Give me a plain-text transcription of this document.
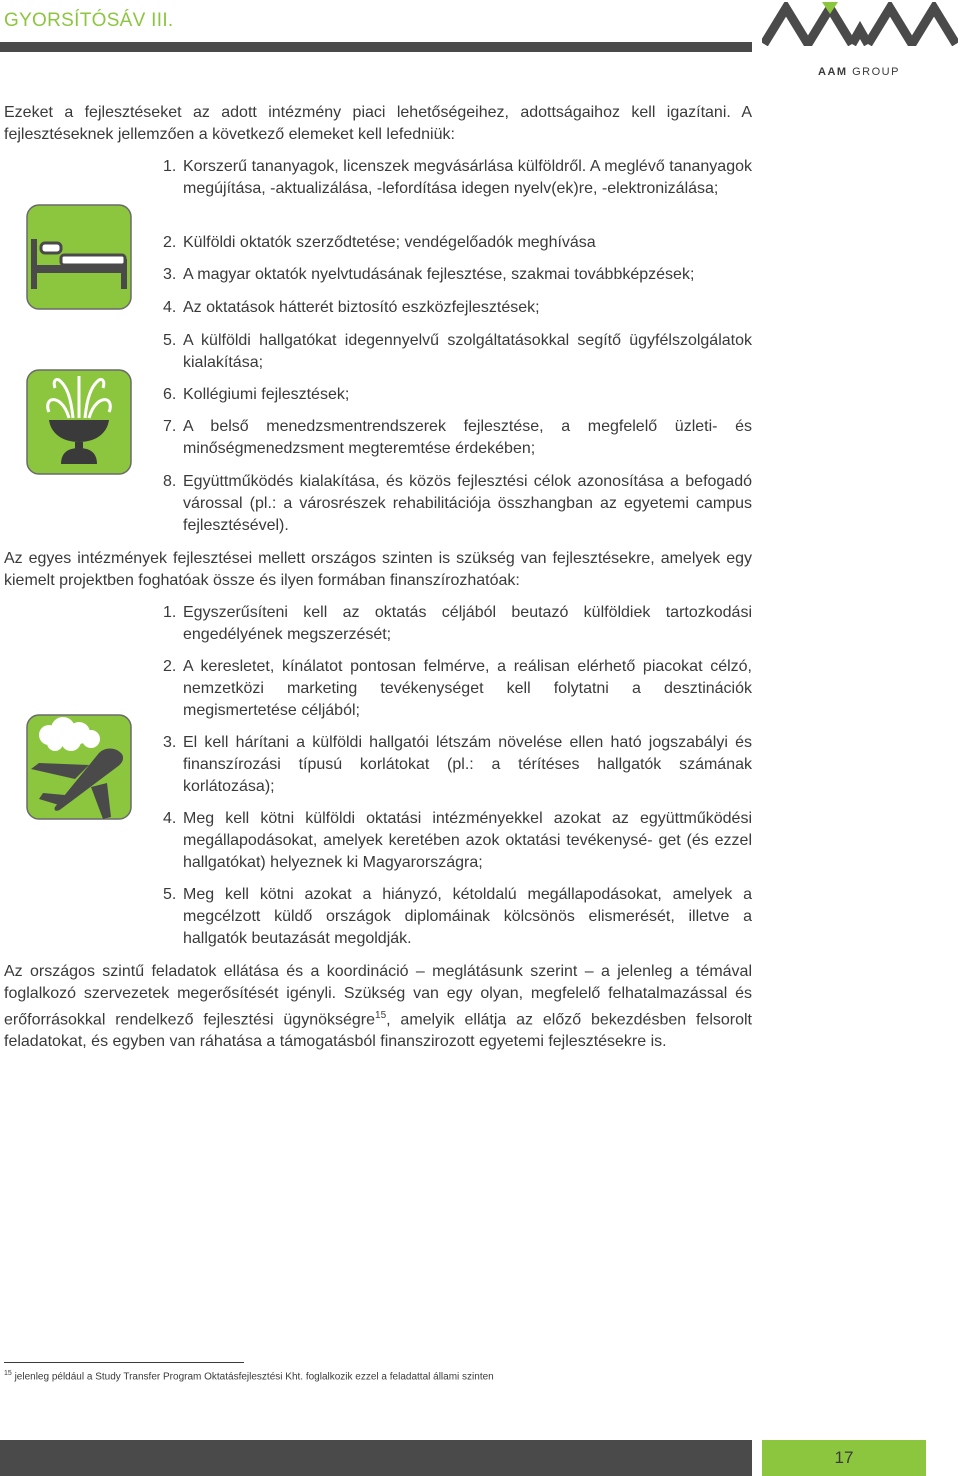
GYORSÍTÓSÁV III.
AAM GROUP
Ezeket a fejlesztéseket az adott intézmény piaci lehetőségeihez, adottságaihoz kell igazítani. A fejlesztéseknek jellemzően a következő elemeket kell lefedniük:
1. Korszerű tananyagok, licenszek megvásárlása külföldről. A meglévő tananyagok megújítása, -aktualizálása, -lefordítása idegen nyelv(ek)re, -elektronizálása;
2. Külföldi oktatók szerződtetése; vendégelőadók meghívása
3. A magyar oktatók nyelvtudásának fejlesztése, szakmai továbbképzések;
4. Az oktatások hátterét biztosító eszközfejlesztések;
5. A külföldi hallgatókat idegennyelvű szolgáltatásokkal segítő ügyfélszolgálatok kialakítása;
6. Kollégiumi fejlesztések;
7. A belső menedzsmentrendszerek fejlesztése, a megfelelő üzleti- és minőségmenedzsment megteremtése érdekében;
8. Együttműködés kialakítása, és közös fejlesztési célok azonosítása a befogadó várossal (pl.: a városrészek rehabilitációja összhangban az egyetemi campus fejlesztésével).
Az egyes intézmények fejlesztései mellett országos szinten is szükség van fejlesztésekre, amelyek egy kiemelt projektben foghatóak össze és ilyen formában finanszírozhatóak:
1. Egyszerűsíteni kell az oktatás céljából beutazó külföldiek tartozkodási engedélyének megszerzését;
2. A keresletet, kínálatot pontosan felmérve, a reálisan elérhető piacokat célzó, nemzetközi marketing tevékenységet kell folytatni a desztinációk megismertetése céljából;
3. El kell hárítani a külföldi hallgatói létszám növelése ellen ható jogszabályi és finanszírozási típusú korlátokat (pl.: a térítéses hallgatók számának korlátozása);
4. Meg kell kötni külföldi oktatási intézményekkel azokat az együttműködési megállapodásokat, amelyek keretében azok oktatási tevékenysé- get (és ezzel hallgatókat) helyeznek ki Magyarországra;
5. Meg kell kötni azokat a hiányzó, kétoldalú megállapodásokat, amelyek a megcélzott küldő országok diplomáinak kölcsönös elismerését, illetve a hallgatók beutazását megoldják.
Az országos szintű feladatok ellátása és a koordináció – meglátásunk szerint – a jelenleg a témával foglalkozó szervezetek megerősítését igényli. Szükség van egy olyan, megfelelő felhatalmazással és erőforrásokkal rendelkező fejlesztési ügynökségre$^{15}$, amelyik ellátja az előző bekezdésben felsorolt feladatokat, és egyben van ráhatása a támogatásból finanszirozott egyetemi fejlesztésekre is.
$^{15}$ jelenleg például a Study Transfer Program Oktatásfejlesztési Kht. foglalkozik ezzel a feladattal állami szinten
17
